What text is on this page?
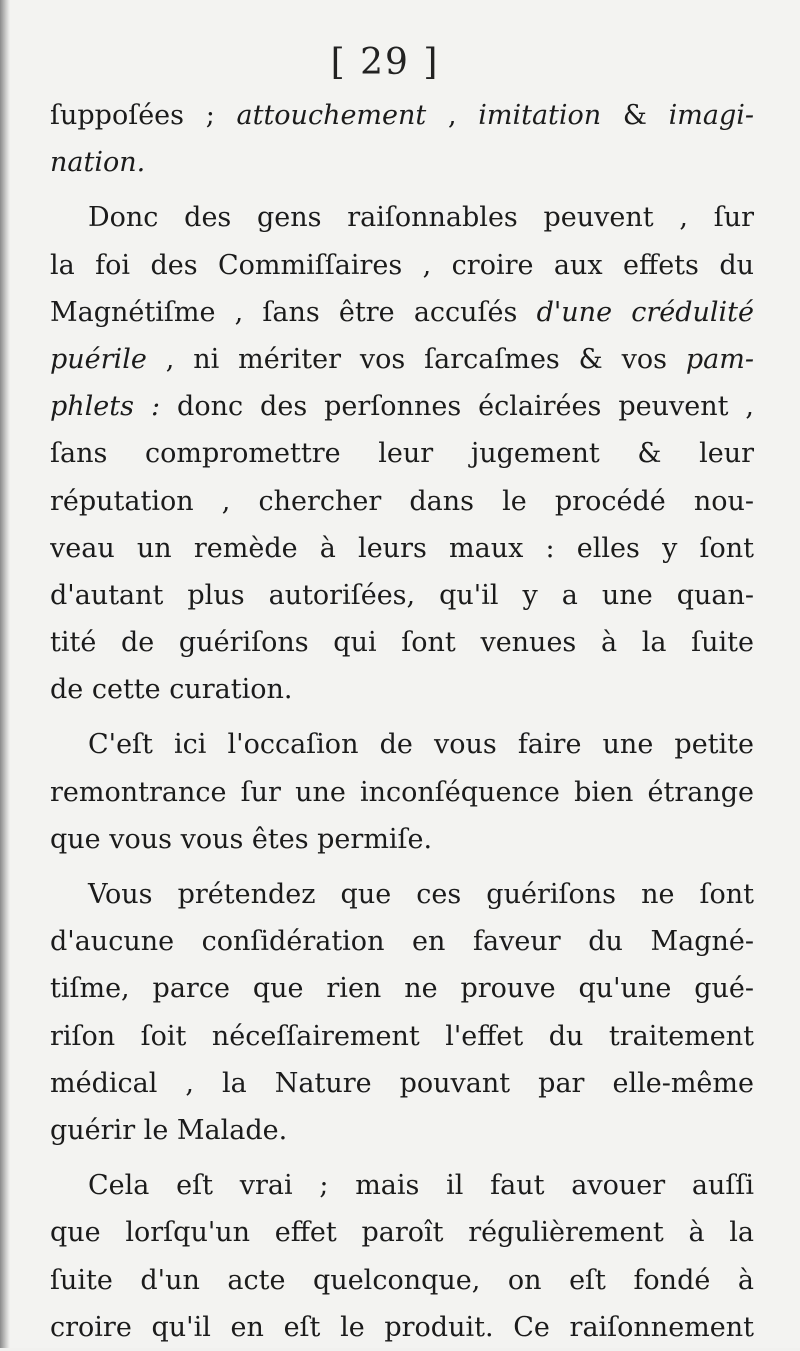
[ 29 ]
ſuppoſées ; attouchement , imitation & imagi-
nation.
Donc des gens raiſonnables peuvent , ſur
la foi des Commiſſaires , croire aux effets du
Magnétiſme , ſans être accuſés d'une crédulité
puérile , ni mériter vos ſarcaſmes & vos pam-
phlets : donc des perſonnes éclairées peuvent ,
ſans compromettre leur jugement & leur
réputation , chercher dans le procédé nou-
veau un remède à leurs maux : elles y ſont
d'autant plus autoriſées, qu'il y a une quan-
tité de guériſons qui ſont venues à la ſuite
de cette curation.
C'eſt ici l'occaſion de vous faire une petite
remontrance ſur une inconſéquence bien étrange
que vous vous êtes permiſe.
Vous prétendez que ces guériſons ne ſont
d'aucune conſidération en faveur du Magné-
tiſme, parce que rien ne prouve qu'une gué-
riſon ſoit néceſſairement l'effet du traitement
médical , la Nature pouvant par elle-même
guérir le Malade.
Cela eſt vrai ; mais il faut avouer auſſi
que lorſqu'un effet paroît régulièrement à la
ſuite d'un acte quelconque, on eſt fondé à
croire qu'il en eſt le produit. Ce raiſonnement
